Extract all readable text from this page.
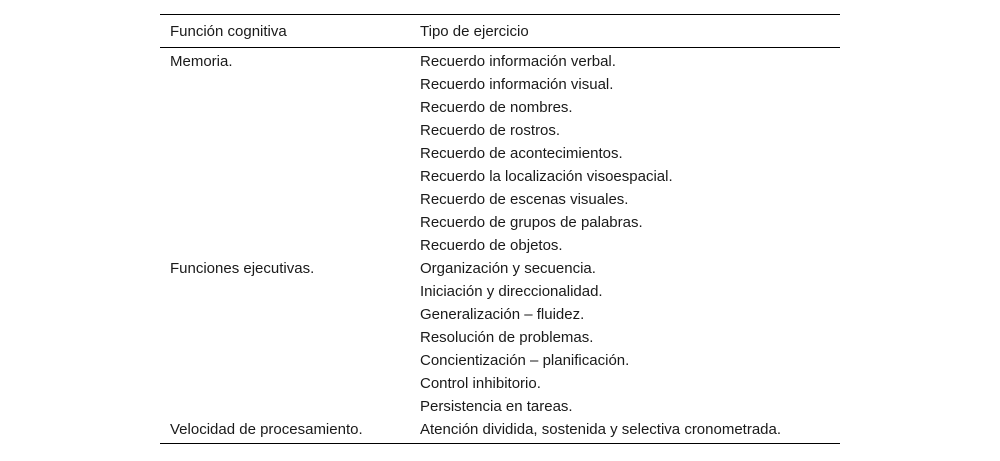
Función cognitiva	Tipo de ejercicio
Memoria.	Recuerdo información verbal.
	Recuerdo información visual.
	Recuerdo de nombres.
	Recuerdo de rostros.
	Recuerdo de acontecimientos.
	Recuerdo la localización visoespacial.
	Recuerdo de escenas visuales.
	Recuerdo de grupos de palabras.
	Recuerdo de objetos.
Funciones ejecutivas.	Organización y secuencia.
	Iniciación y direccionalidad.
	Generalización – fluidez.
	Resolución de problemas.
	Concientización – planificación.
	Control inhibitorio.
	Persistencia en tareas.
Velocidad de procesamiento.	Atención dividida, sostenida y selectiva cronometrada.
